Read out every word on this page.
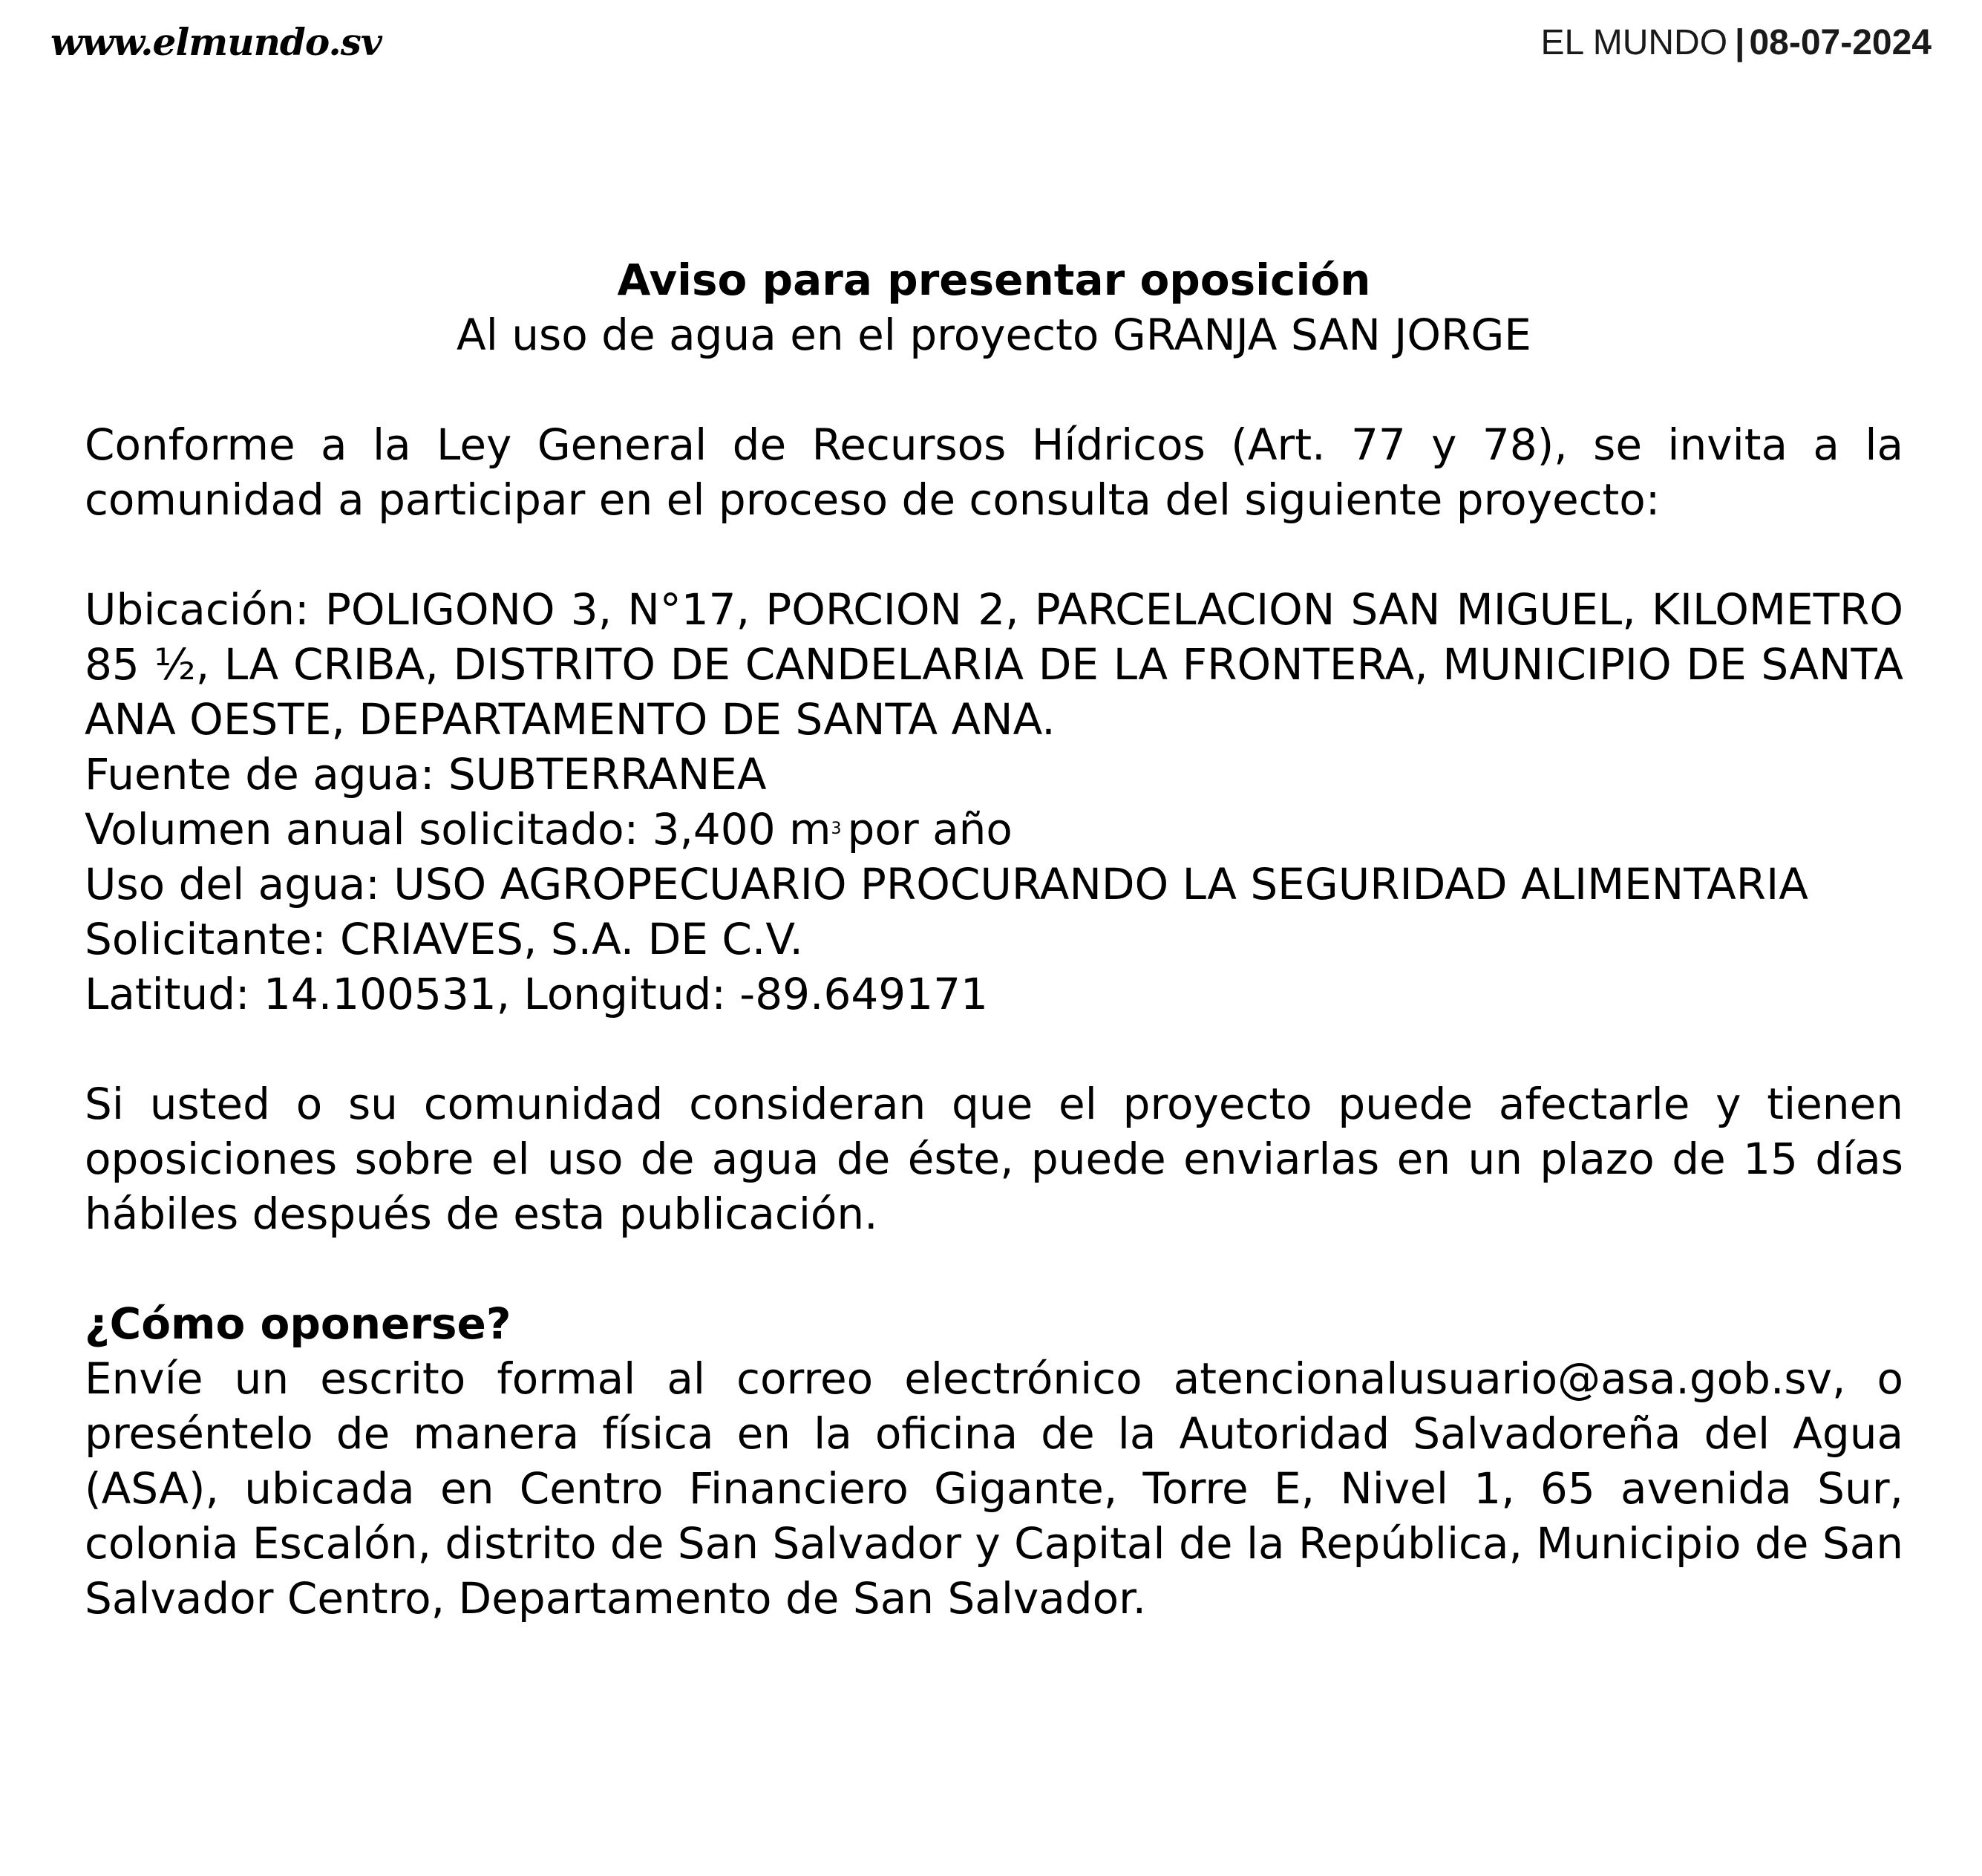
www.elmundo.sv	EL MUNDO | 08-07-2024

Aviso para presentar oposición

Al uso de agua en el proyecto GRANJA SAN JORGE

Conforme a la Ley General de Recursos Hídricos (Art. 77 y 78), se invita a la comunidad a participar en el proceso de consulta del siguiente proyecto:

Ubicación: POLIGONO 3, N°17, PORCION 2, PARCELACION SAN MIGUEL, KILOMETRO 85 ½, LA CRIBA, DISTRITO DE CANDELARIA DE LA FRONTERA, MUNICIPIO DE SANTA ANA OESTE, DEPARTAMENTO DE SANTA ANA.

Fuente de agua: SUBTERRANEA

Volumen anual solicitado: 3,400 $m^3$ por año

Uso del agua: USO AGROPECUARIO PROCURANDO LA SEGURIDAD ALIMENTARIA

Solicitante: CRIAVES, S.A. DE C.V.

Latitud: 14.100531, Longitud: -89.649171

Si usted o su comunidad consideran que el proyecto puede afectarle y tienen oposiciones sobre el uso de agua de éste, puede enviarlas en un plazo de 15 días hábiles después de esta publicación.

¿Cómo oponerse?

Envíe un escrito formal al correo electrónico atencionalusuario@asa.gob.sv, o preséntelo de manera física en la oficina de la Autoridad Salvadoreña del Agua (ASA), ubicada en Centro Financiero Gigante, Torre E, Nivel 1, 65 avenida Sur, colonia Escalón, distrito de San Salvador y Capital de la República, Municipio de San Salvador Centro, Departamento de San Salvador.
